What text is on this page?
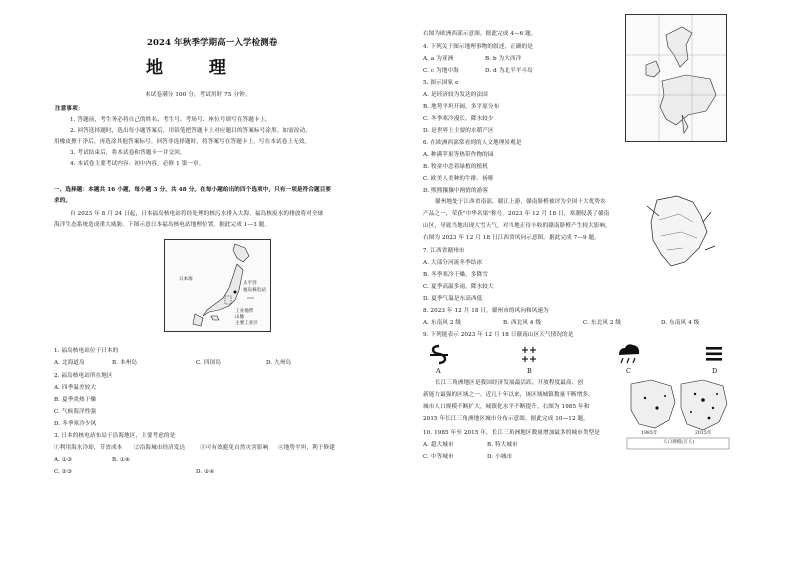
2024 年秋季学期高一入学检测卷
地 理
本试卷满分 100 分，考试用时 75 分钟。
注意事项：
1. 答题前，考生务必将自己的姓名、考生号、考场号、座位号填写在答题卡上。
2. 回答选择题时，选出每小题答案后，用铅笔把答题卡上对应题目的答案标号涂黑。如需改动，
用橡皮擦干净后，再选涂其他答案标号。回答非选择题时，将答案写在答题卡上。写在本试卷上无效。
3. 考试结束后，将本试卷和答题卡一并交回。
4. 本试卷主要考试内容：初中内容，必修 1 第一章。
一、选择题：本题共 16 小题，每小题 3 分，共 48 分。在每小题给出的四个选项中，只有一项是符合题目要
求的。
自 2023 年 8 月 24 日起，日本福岛核电站将经处理的核污水排入大海，福岛核废水的排放将对全球
海洋生态系统造成重大威胁。下图示意日本福岛核电站地理位置。据此完成 1—3 题。
日本海
太平洋
福岛核电站
工业地带
山脉
主要工业区
1. 福岛核电站位于日本的
A. 北海道岛	B. 本州岛	C. 四国岛	D. 九州岛
2. 福岛核电站所在地区
A. 四季温差较大
B. 夏季炎热干燥
C. 气候海洋性强
D. 冬季寒冷少风
3. 日本的核电站布局于沿海地区，主要考虑的是
①利用海水冷却，节省成本 ②沿海城市经济发达	③可有效避免自然灾害影响 ④地势平坦，利于修建
A. ①③	B. ①④
C. ②③	D. ②④
右图为欧洲西部示意图。据此完成 4—6 题。
4. 下列关于图示地理事物的叙述，正确的是
A. a 为亚洲	B. b 为大西洋
C. c 为地中海	D. d 为北半平斗岛
5. 图示国家 e
A. 是经济较为发达的法国
B. 地势平坦开阔，多平原分布
C. 冬季寒冷漫长，降水较少
D. 是世界上主要的水稻产区
6. 在欧洲西部常看到的人文地理景观是
A. 种满苹果等热带作物的园
B. 牧童中念着绿植的植机
C. 欧美人美种的牛排、扬啡
D. 熙熙攘攘中两情的游客
赣州地处于江西省南部，赣江上游，赣南脐橙被评为全国十大优势农
产品之一，荣获"中华名果"称号。2023 年 12 月 18 日，寒潮侵袭了赣南
山区，导致当地出现大雪天气，对当地正待丰收的赣南脐橙产生较大影响。
右图为 2023 年 12 月 18 日江西省风向示意图。据此完成 7—9 题。
7. 江西省赣州市
A. 大部分河流冬季结冰
B. 冬季寒冷干燥，多降雪
C. 夏季高温多雨，降水较大
D. 夏季气温是东高西低
8. 2023 年 12 月 18 日，赣州市的风向和风速为
A. 东南风 2 级	B. 西北风 4 级	C. 东北风 2 级	D. 东南风 4 级
9. 下列能表示 2023 年 12 月 18 日赣南山区天气情况的是
A	B	C	D
1985年	2015年
人口规模(万人)
长江三角洲地区是我国经济发展最活跃、开放程度最高、创
新能力最强的区域之一。近几十年以来，该区域城镇数量不断增多，
城市人口规模不断扩大，城镇化水平不断提升。右图为 1985 年和
2015 年长江三角洲地区城市分布示意图。据此完成 10—12 题。
10. 1985 年至 2015 年，长江三角洲地区数量增加最多的城市类型是
A. 超大城市	B. 特大城市
C. 中等城市	D. 小城市
